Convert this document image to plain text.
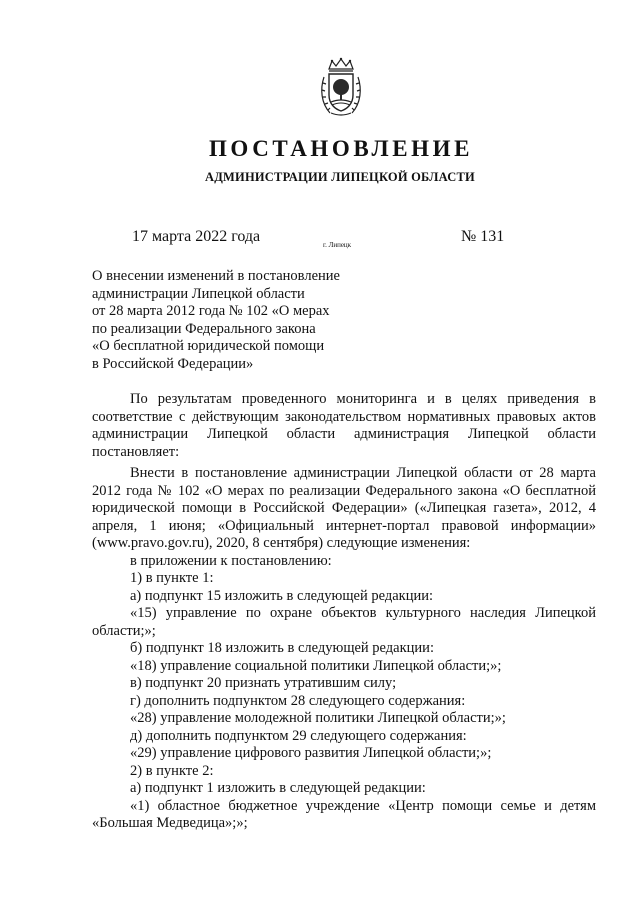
ПОСТАНОВЛЕНИЕ
АДМИНИСТРАЦИИ ЛИПЕЦКОЙ ОБЛАСТИ
17 марта 2022 года	г. Липецк	№ 131
О внесении изменений в постановление
администрации Липецкой области
от 28 марта 2012 года № 102 «О мерах
по реализации Федерального закона
«О бесплатной юридической помощи
в Российской Федерации»

По результатам проведенного мониторинга и в целях приведения в соответствие с действующим законодательством нормативных правовых актов администрации Липецкой области администрация Липецкой области постановляет:

Внести в постановление администрации Липецкой области от 28 марта 2012 года № 102 «О мерах по реализации Федерального закона «О бесплатной юридической помощи в Российской Федерации» («Липецкая газета», 2012, 4 апреля, 1 июня; «Официальный интернет-портал правовой информации» (www.pravo.gov.ru), 2020, 8 сентября) следующие изменения:

в приложении к постановлению:

1) в пункте 1:

а) подпункт 15 изложить в следующей редакции:

«15) управление по охране объектов культурного наследия Липецкой области;»;

б) подпункт 18 изложить в следующей редакции:

«18) управление социальной политики Липецкой области;»;

в) подпункт 20 признать утратившим силу;

г) дополнить подпунктом 28 следующего содержания:

«28) управление молодежной политики Липецкой области;»;

д) дополнить подпунктом 29 следующего содержания:

«29) управление цифрового развития Липецкой области;»;

2) в пункте 2:

а) подпункт 1 изложить в следующей редакции:

«1) областное бюджетное учреждение «Центр помощи семье и детям «Большая Медведица»;»;
